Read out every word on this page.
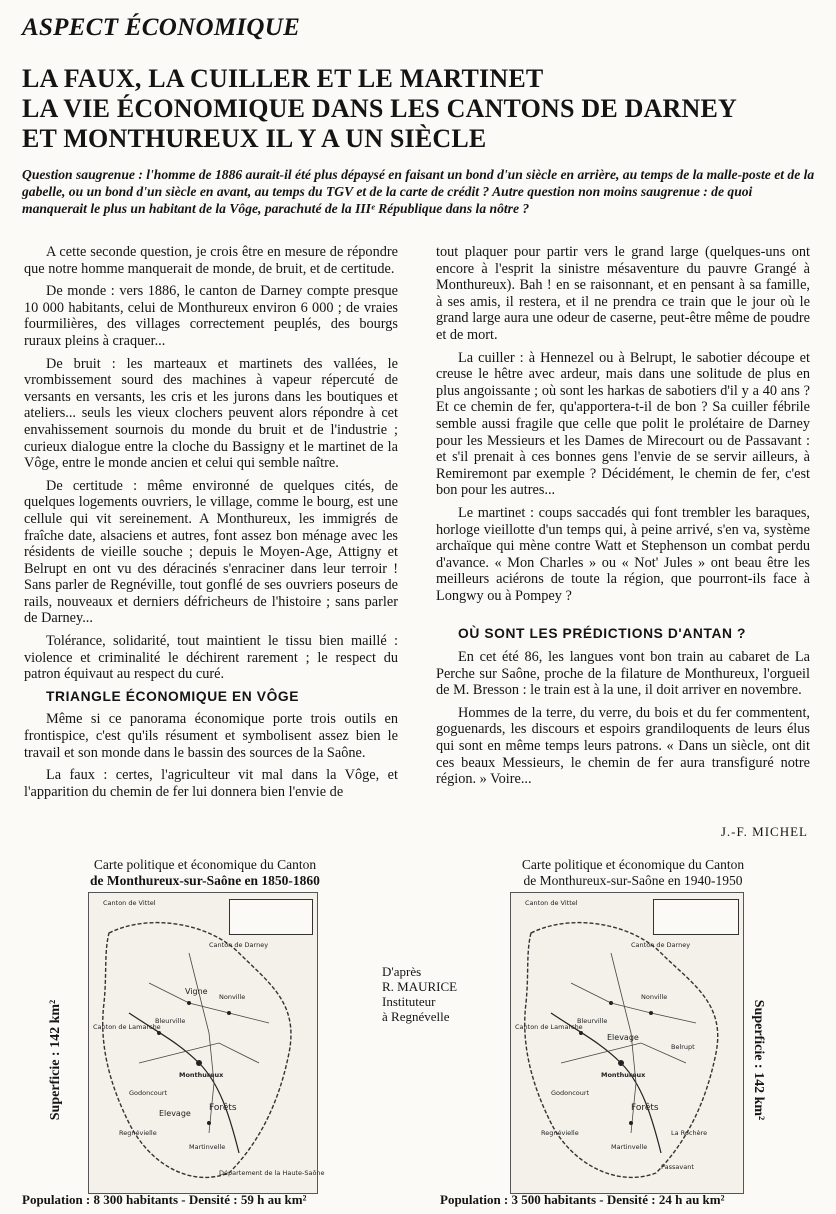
ASPECT ÉCONOMIQUE
LA FAUX, LA CUILLER ET LE MARTINET
LA VIE ÉCONOMIQUE DANS LES CANTONS DE DARNEY
ET MONTHUREUX IL Y A UN SIÈCLE
Question saugrenue : l'homme de 1886 aurait-il été plus dépaysé en faisant un bond d'un siècle en arrière, au temps de la malle-poste et de la gabelle, ou un bond d'un siècle en avant, au temps du TGV et de la carte de crédit ? Autre question non moins saugrenue : de quoi manquerait le plus un habitant de la Vôge, parachuté de la IIIᵉ République dans la nôtre ?

A cette seconde question, je crois être en mesure de répondre que notre homme manquerait de monde, de bruit, et de certitude.

De monde : vers 1886, le canton de Darney compte presque 10 000 habitants, celui de Monthureux environ 6 000 ; de vraies fourmilières, des villages correctement peuplés, des bourgs ruraux pleins à craquer...

De bruit : les marteaux et martinets des vallées, le vrombissement sourd des machines à vapeur répercuté de versants en versants, les cris et les jurons dans les boutiques et ateliers... seuls les vieux clochers peuvent alors répondre à cet envahissement sournois du monde du bruit et de l'industrie ; curieux dialogue entre la cloche du Bassigny et le martinet de la Vôge, entre le monde ancien et celui qui semble naître.

De certitude : même environné de quelques cités, de quelques logements ouvriers, le village, comme le bourg, est une cellule qui vit sereinement. A Monthureux, les immigrés de fraîche date, alsaciens et autres, font assez bon ménage avec les résidents de vieille souche ; depuis le Moyen-Age, Attigny et Belrupt en ont vu des déracinés s'enraciner dans leur terroir ! Sans parler de Regnéville, tout gonflé de ses ouvriers poseurs de rails, nouveaux et derniers défricheurs de l'histoire ; sans parler de Darney...

Tolérance, solidarité, tout maintient le tissu bien maillé : violence et criminalité le déchirent rarement ; le respect du patron équivaut au respect du curé.

TRIANGLE ÉCONOMIQUE EN VÔGE

Même si ce panorama économique porte trois outils en frontispice, c'est qu'ils résument et symbolisent assez bien le travail et son monde dans le bassin des sources de la Saône.

La faux : certes, l'agriculteur vit mal dans la Vôge, et l'apparition du chemin de fer lui donnera bien l'envie de

tout plaquer pour partir vers le grand large (quelques-uns ont encore à l'esprit la sinistre mésaventure du pauvre Grangé à Monthureux). Bah ! en se raisonnant, et en pensant à sa famille, à ses amis, il restera, et il ne prendra ce train que le jour où le grand large aura une odeur de caserne, peut-être même de poudre et de mort.

La cuiller : à Hennezel ou à Belrupt, le sabotier découpe et creuse le hêtre avec ardeur, mais dans une solitude de plus en plus angoissante ; où sont les harkas de sabotiers d'il y a 40 ans ? Et ce chemin de fer, qu'apportera-t-il de bon ? Sa cuiller fébrile semble aussi fragile que celle que polit le prolétaire de Darney pour les Messieurs et les Dames de Mirecourt ou de Passavant : et s'il prenait à ces bonnes gens l'envie de se servir ailleurs, à Remiremont par exemple ? Décidément, le chemin de fer, c'est bon pour les autres...

Le martinet : coups saccadés qui font trembler les baraques, horloge vieillotte d'un temps qui, à peine arrivé, s'en va, système archaïque qui mène contre Watt et Stephenson un combat perdu d'avance. « Mon Charles » ou « Not' Jules » ont beau être les meilleurs aciérons de toute la région, que pourront-ils face à Longwy ou à Pompey ?

OÙ SONT LES PRÉDICTIONS D'ANTAN ?

En cet été 86, les langues vont bon train au cabaret de La Perche sur Saône, proche de la filature de Monthureux, l'orgueil de M. Bresson : le train est à la une, il doit arriver en novembre.

Hommes de la terre, du verre, du bois et du fer commentent, goguenards, les discours et espoirs grandiloquents de leurs élus qui sont en même temps leurs patrons. « Dans un siècle, ont dit ces beaux Messieurs, le chemin de fer aura transfiguré notre région. » Voire...

J.-F. MICHEL
Carte politique et économique du Canton
de Monthureux-sur-Saône en 1850-1860
Canton de Vittel
Canton de Darney
Canton de Lamarche
Monthureux
Bleurville
Nonville
Godoncourt
Regnévielle
Martinvelle
Forêts
Vigne
Elevage
Département de la Haute-Saône
Superficie : 142 km²
Population : 8 300 habitants - Densité : 59 h au km²
D'après
R. MAURICE
Instituteur
à Regnévelle
Carte politique et économique du Canton
de Monthureux-sur-Saône en 1940-1950
Canton de Vittel
Canton de Darney
Canton de Lamarche
Monthureux
Bleurville
Nonville
Godoncourt
Regnévielle
Martinvelle
Forêts
Elevage
Belrupt
La Rochère
Passavant
Superficie : 142 km²
Population : 3 500 habitants - Densité : 24 h au km²
